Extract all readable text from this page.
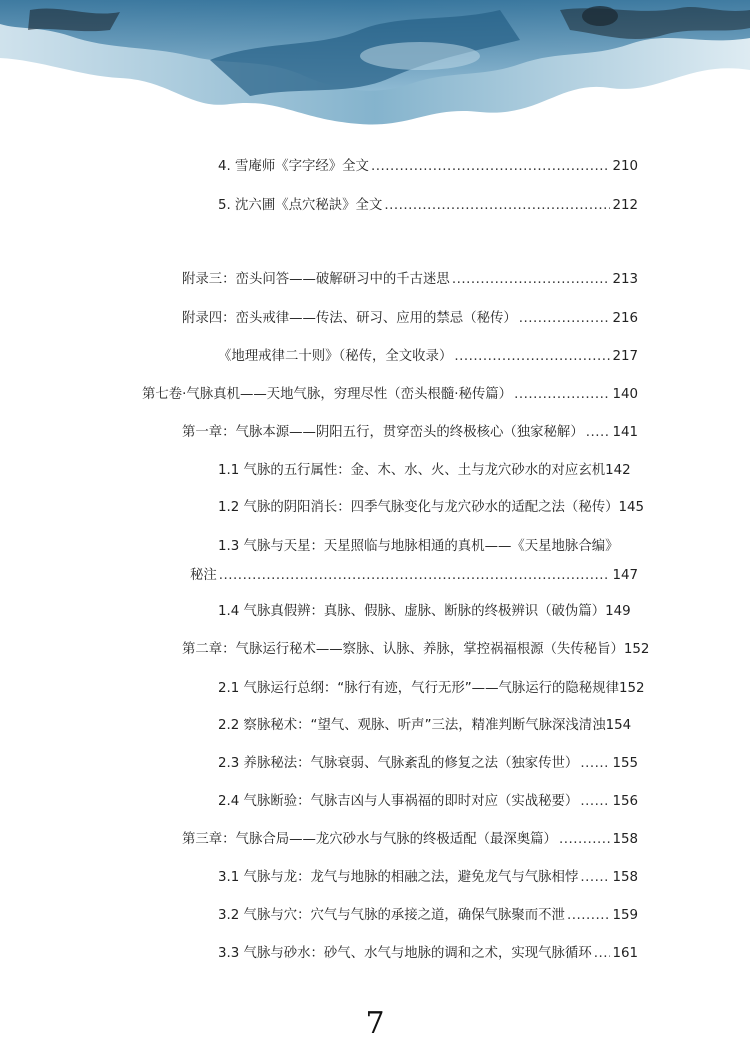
4. 雪庵师《字字经》全文 .....	210
5. 沈六圃《点穴秘訣》全文 .....	212
附录三：峦头问答——破解研习中的千古迷思 .....	213
附录四：峦头戒律——传法、研习、应用的禁忌（秘传） .....	216
《地理戒律二十则》（秘传，全文收录） .....	217
第七卷·气脉真机——天地气脉，穷理尽性（峦头根髓·秘传篇） .....	140
第一章：气脉本源——阴阳五行，贯穿峦头的终极核心（独家秘解） ..... 141
1.1 气脉的五行属性：金、木、水、火、土与龙穴砂水的对应玄机 142
1.2 气脉的阴阳消长：四季气脉变化与龙穴砂水的适配之法（秘传） 145
1.3 气脉与天星：天星照临与地脉相通的真机——《天星地脉合编》
秘注 .....	147
1.4 气脉真假辨：真脉、假脉、虚脉、断脉的终极辨识（破伪篇） 149
第二章：气脉运行秘术——察脉、认脉、养脉，掌控祸福根源（失传秘旨） 152
2.1 气脉运行总纲：“脉行有迹，气行无形”——气脉运行的隐秘规律 152
2.2 察脉秘术：“望气、观脉、听声”三法，精准判断气脉深浅清浊 154
2.3 养脉秘法：气脉衰弱、气脉紊乱的修复之法（独家传世） .....	155
2.4 气脉断验：气脉吉凶与人事祸福的即时对应（实战秘要） .....	156
第三章：气脉合局——龙穴砂水与气脉的终极适配（最深奥篇） .....	158
3.1 气脉与龙：龙气与地脉的相融之法，避免龙气与气脉相悖 .....	158
3.2 气脉与穴：穴气与气脉的承接之道，确保气脉聚而不泄 .....	159
3.3 气脉与砂水：砂气、水气与地脉的调和之术，实现气脉循环 ..... 161
7
